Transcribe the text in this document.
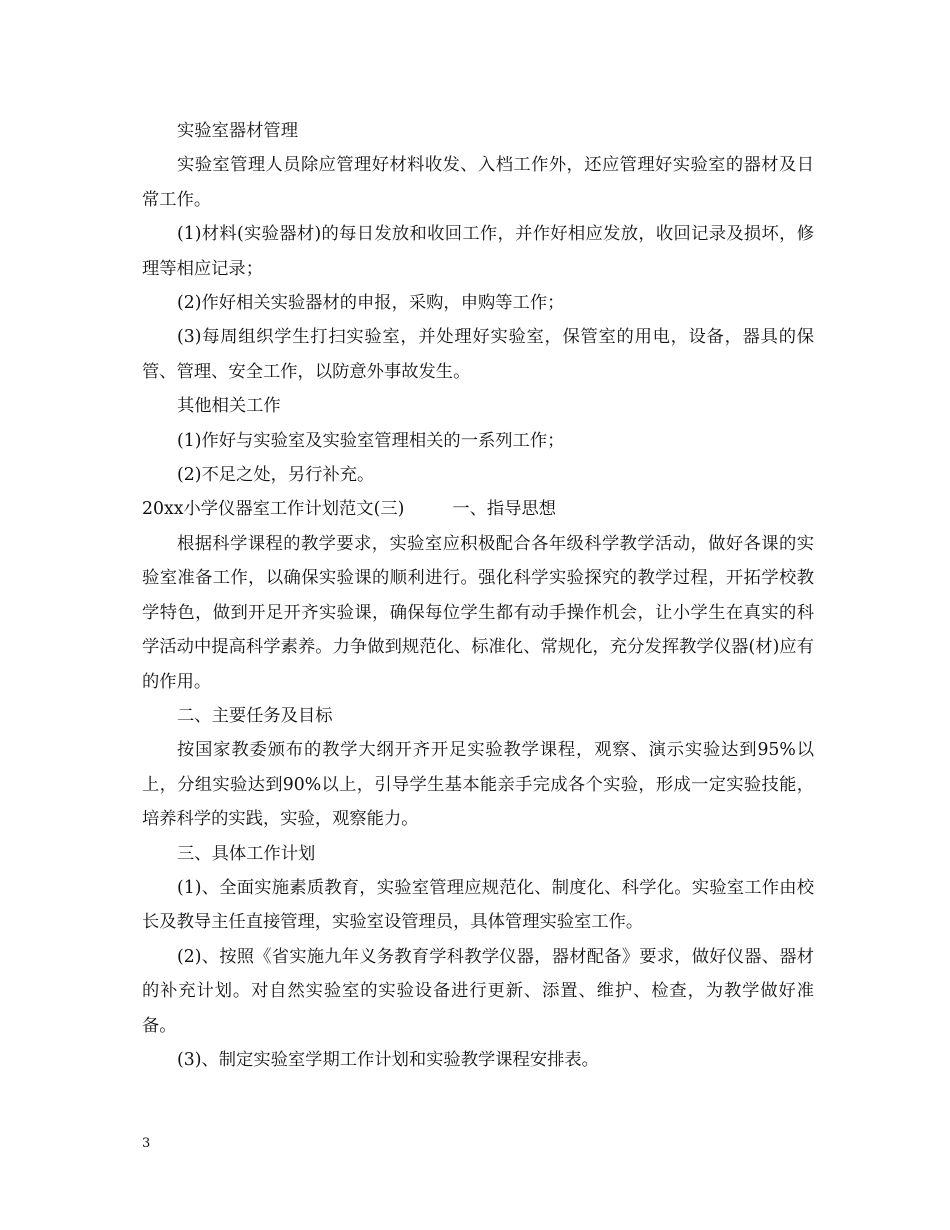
实验室器材管理

实验室管理人员除应管理好材料收发、入档工作外，还应管理好实验室的器材及日常工作。

(1)材料(实验器材)的每日发放和收回工作，并作好相应发放，收回记录及损坏，修理等相应记录；

(2)作好相关实验器材的申报，采购，申购等工作；

(3)每周组织学生打扫实验室，并处理好实验室，保管室的用电，设备，器具的保管、管理、安全工作，以防意外事故发生。

其他相关工作

(1)作好与实验室及实验室管理相关的一系列工作；

(2)不足之处，另行补充。

20xx小学仪器室工作计划范文(三)	一、指导思想

根据科学课程的教学要求，实验室应积极配合各年级科学教学活动，做好各课的实验室准备工作，以确保实验课的顺利进行。强化科学实验探究的教学过程，开拓学校教学特色，做到开足开齐实验课，确保每位学生都有动手操作机会，让小学生在真实的科学活动中提高科学素养。力争做到规范化、标准化、常规化，充分发挥教学仪器(材)应有的作用。

二、主要任务及目标

按国家教委颁布的教学大纲开齐开足实验教学课程，观察、演示实验达到95%以上，分组实验达到90%以上，引导学生基本能亲手完成各个实验，形成一定实验技能，培养科学的实践，实验，观察能力。

三、具体工作计划

(1)、全面实施素质教育，实验室管理应规范化、制度化、科学化。实验室工作由校长及教导主任直接管理，实验室设管理员，具体管理实验室工作。

(2)、按照《省实施九年义务教育学科教学仪器，器材配备》要求，做好仪器、器材的补充计划。对自然实验室的实验设备进行更新、添置、维护、检查，为教学做好准备。

(3)、制定实验室学期工作计划和实验教学课程安排表。

3
